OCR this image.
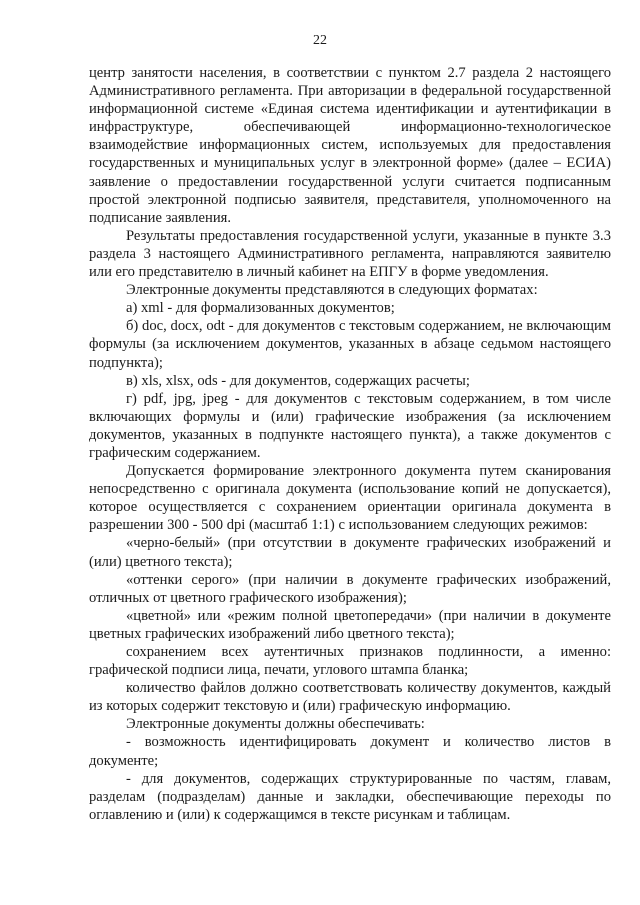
22

центр занятости населения, в соответствии с пунктом 2.7 раздела 2 настоящего Административного регламента. При авторизации в федеральной государственной информационной системе «Единая система идентификации и аутентификации в инфраструктуре, обеспечивающей информационно-технологическое взаимодействие информационных систем, используемых для предоставления государственных и муниципальных услуг в электронной форме» (далее – ЕСИА) заявление о предоставлении государственной услуги считается подписанным простой электронной подписью заявителя, представителя, уполномоченного на подписание заявления.

Результаты предоставления государственной услуги, указанные в пункте 3.3 раздела 3 настоящего Административного регламента, направляются заявителю или его представителю в личный кабинет на ЕПГУ в форме уведомления.

Электронные документы представляются в следующих форматах:

а) xml - для формализованных документов;

б) doc, docx, odt - для документов с текстовым содержанием, не включающим формулы (за исключением документов, указанных в абзаце седьмом настоящего подпункта);

в) xls, xlsx, ods - для документов, содержащих расчеты;

г) pdf, jpg, jpeg - для документов с текстовым содержанием, в том числе включающих формулы и (или) графические изображения (за исключением документов, указанных в подпункте настоящего пункта), а также документов с графическим содержанием.

Допускается формирование электронного документа путем сканирования непосредственно с оригинала документа (использование копий не допускается), которое осуществляется с сохранением ориентации оригинала документа в разрешении 300 - 500 dpi (масштаб 1:1) с использованием следующих режимов:

«черно-белый» (при отсутствии в документе графических изображений и (или) цветного текста);

«оттенки серого» (при наличии в документе графических изображений, отличных от цветного графического изображения);

«цветной» или «режим полной цветопередачи» (при наличии в документе цветных графических изображений либо цветного текста);

сохранением всех аутентичных признаков подлинности, а именно: графической подписи лица, печати, углового штампа бланка;

количество файлов должно соответствовать количеству документов, каждый из которых содержит текстовую и (или) графическую информацию.

Электронные документы должны обеспечивать:

- возможность идентифицировать документ и количество листов в документе;

- для документов, содержащих структурированные по частям, главам, разделам (подразделам) данные и закладки, обеспечивающие переходы по оглавлению и (или) к содержащимся в тексте рисункам и таблицам.
